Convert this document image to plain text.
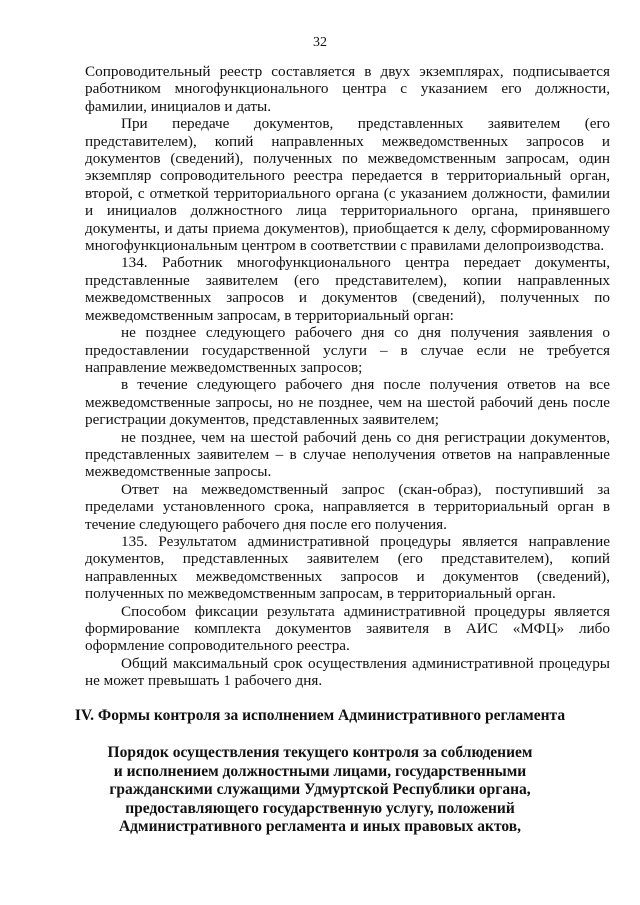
32

Сопроводительный реестр составляется в двух экземплярах, подписывается работником многофункционального центра с указанием его должности, фамилии, инициалов и даты.

При передаче документов, представленных заявителем (его представителем), копий направленных межведомственных запросов и документов (сведений), полученных по межведомственным запросам, один экземпляр сопроводительного реестра передается в территориальный орган, второй, с отметкой территориального органа (с указанием должности, фамилии и инициалов должностного лица территориального органа, принявшего документы, и даты приема документов), приобщается к делу, сформированному многофункциональным центром в соответствии с правилами делопроизводства.

134. Работник многофункционального центра передает документы, представленные заявителем (его представителем), копии направленных межведомственных запросов и документов (сведений), полученных по межведомственным запросам, в территориальный орган:

не позднее следующего рабочего дня со дня получения заявления о предоставлении государственной услуги – в случае если не требуется направление межведомственных запросов;

в течение следующего рабочего дня после получения ответов на все межведомственные запросы, но не позднее, чем на шестой рабочий день после регистрации документов, представленных заявителем;

не позднее, чем на шестой рабочий день со дня регистрации документов, представленных заявителем – в случае неполучения ответов на направленные межведомственные запросы.

Ответ на межведомственный запрос (скан-образ), поступивший за пределами установленного срока, направляется в территориальный орган в течение следующего рабочего дня после его получения.

135. Результатом административной процедуры является направление документов, представленных заявителем (его представителем), копий направленных межведомственных запросов и документов (сведений), полученных по межведомственным запросам, в территориальный орган.

Способом фиксации результата административной процедуры является формирование комплекта документов заявителя в АИС «МФЦ» либо оформление сопроводительного реестра.

Общий максимальный срок осуществления административной процедуры не может превышать 1 рабочего дня.

IV. Формы контроля за исполнением Административного регламента
Порядок осуществления текущего контроля за соблюдением
и исполнением должностными лицами, государственными
гражданскими служащими Удмуртской Республики органа,
предоставляющего государственную услугу, положений
Административного регламента и иных правовых актов,
